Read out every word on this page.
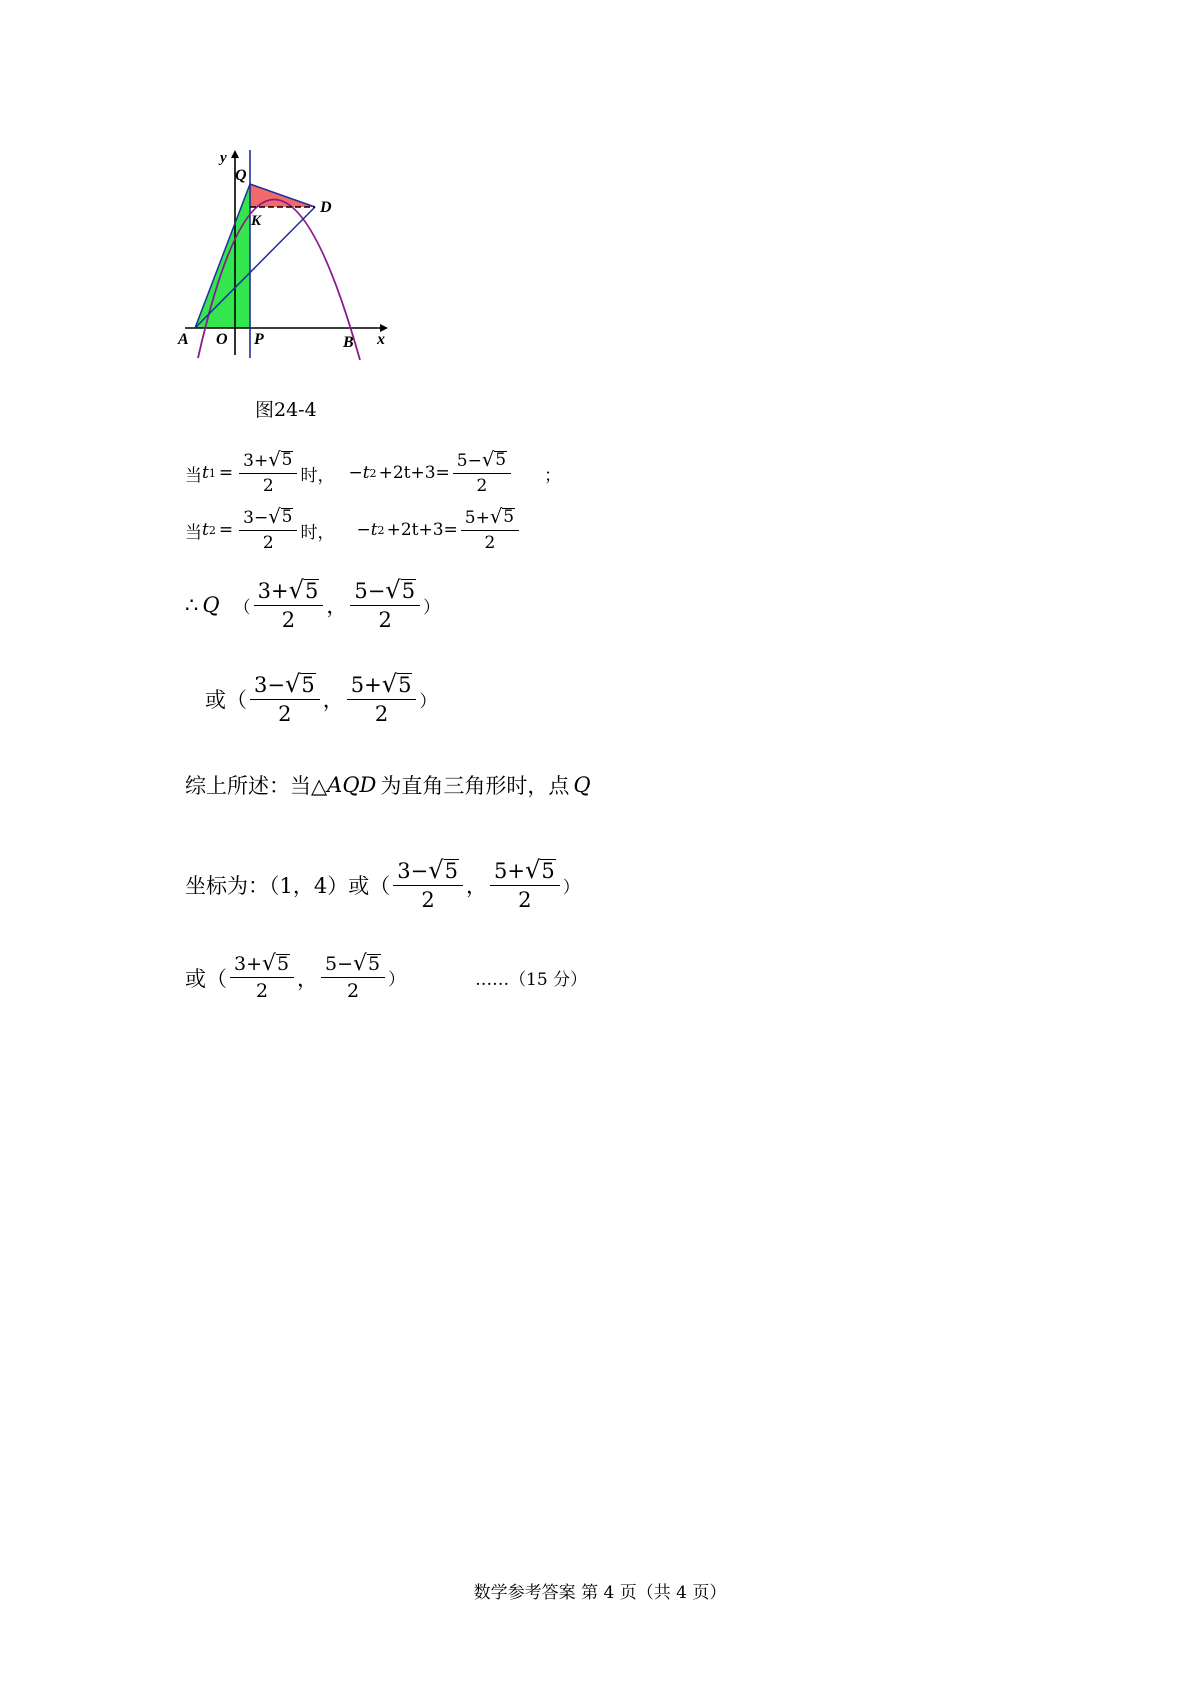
y
Q
K
D
A O P	B x
图24-4
当 t $1 = \frac{3+ √ 5}{2}$ 时， −t $2 +2t+3= \frac{5- √ 5}{2}$ ；
当 t $2 = \frac{3- √ 5}{2}$ 时， −t $2 +2t+3= \frac{5+ √ 5}{2}$
∴ Q （ $\frac{3+ √ 5}{2}$ ， $\frac{5- √ 5}{2}$ ）
或（ $\frac{3- √ 5}{2}$ ， $\frac{5+ √ 5}{2}$ ）
综上所述：当△ AQD 为直角三角形时，点 Q
坐标为：（1，4）或（ $\frac{3- √ 5}{2}$ ， $\frac{5+ √ 5}{2}$ ）
或（ $\frac{3+ √ 5}{2}$ ， $\frac{5- √ 5}{2}$ ）	……（15 分）
数学参考答案 第 4 页（共 4 页）
